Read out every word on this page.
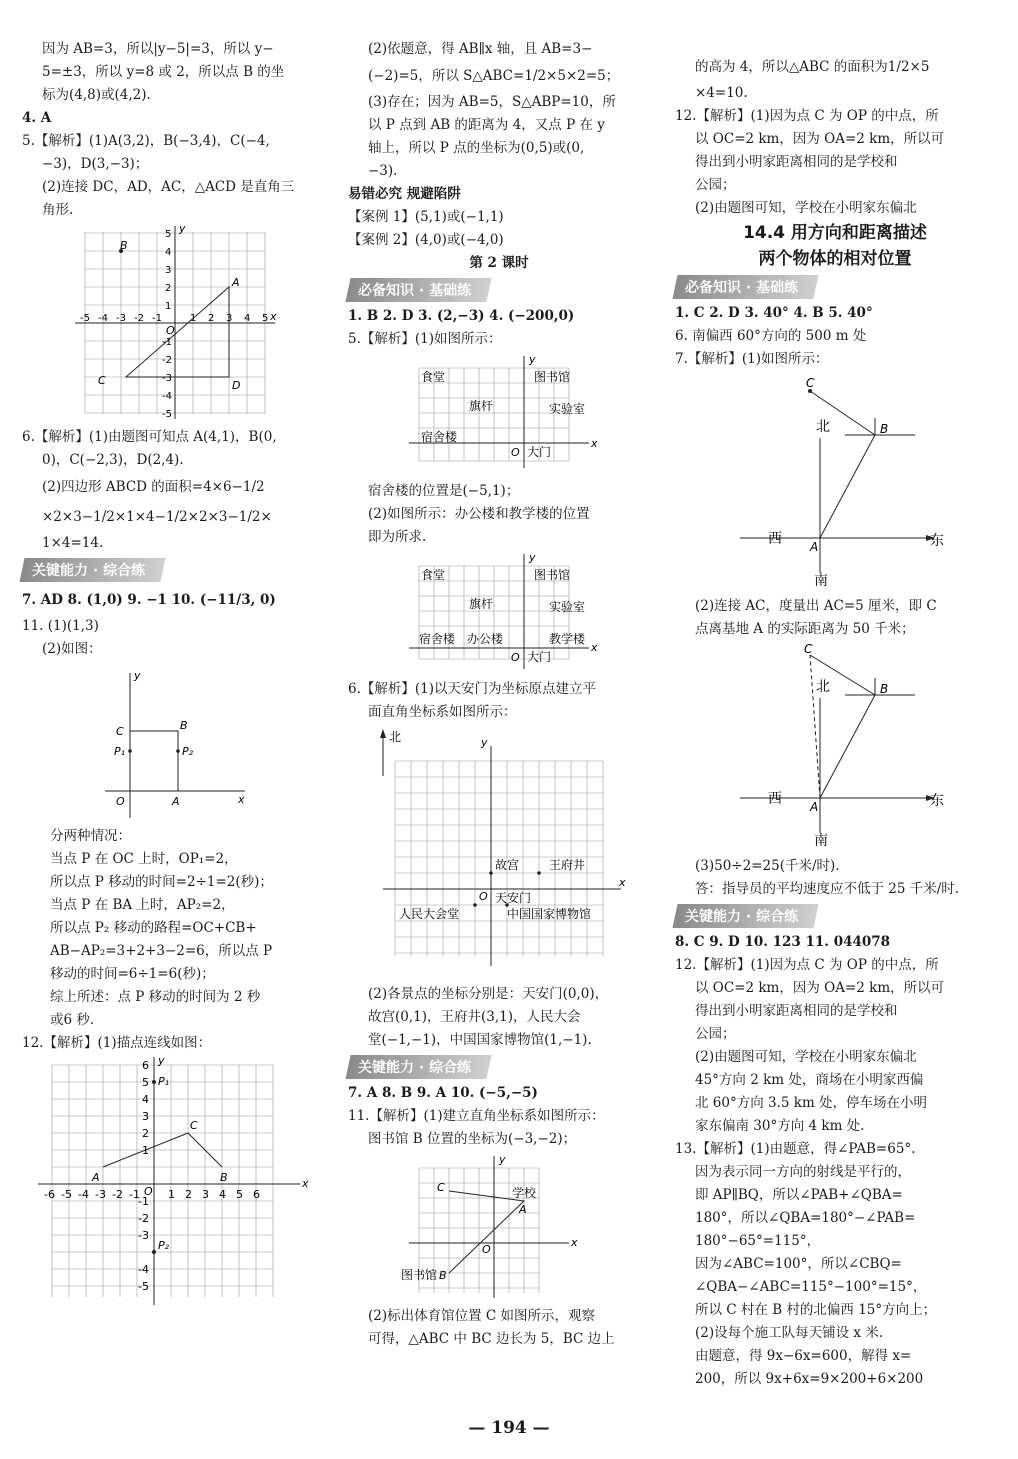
因为 AB=3，所以|y−5|=3，所以 y−
5=±3，所以 y=8 或 2，所以点 B 的坐
标为(4,8)或(4,2).
4. A
5.【解析】(1)A(3,2)，B(−3,4)，C(−4,
−3)，D(3,−3)；
(2)连接 DC，AD，AC，△ACD 是直角三
角形.
B
A
C	D
O
x
y
-5 -4 -3 -2 -1	1 2 3 4 5
5
4
3
2
1
-1
-2
-3
-4
-5
6.【解析】(1)由题图可知点 A(4,1)，B(0,
0)，C(−2,3)，D(2,4).
(2)四边形 ABCD 的面积=4×6−1/2
×2×3−1/2×1×4−1/2×2×3−1/2×
1×4=14.
关键能力 · 综合练
7. AD 8. (1,0) 9. −1 10. (−11/3, 0)
11. (1)(1,3)
(2)如图：
y
C	B
P₁	P₂
O	A	x
分两种情况：
当点 P 在 OC 上时，OP₁=2，
所以点 P 移动的时间=2÷1=2(秒)；
当点 P 在 BA 上时，AP₂=2，
所以点 P₂ 移动的路程=OC+CB+
AB−AP₂=3+2+3−2=6，所以点 P
移动的时间=6÷1=6(秒)；
综上所述：点 P 移动的时间为 2 秒
或6 秒.
12.【解析】(1)描点连线如图：
y
P₁
C
A	B
P₂
O
x
-6 -5 -4 -3 -2 -1	1 2 3 4 5 6
6
5
4
3
2
1
-1
-2
-3
-4
-5
(2)依题意，得 AB∥x 轴，且 AB=3−
(−2)=5，所以 S△ABC=1/2×5×2=5；
(3)存在；因为 AB=5，S△ABP=10，所
以 P 点到 AB 的距离为 4，又点 P 在 y
轴上，所以 P 点的坐标为(0,5)或(0,
−3).
易错必究 规避陷阱
【案例 1】(5,1)或(−1,1)
【案例 2】(4,0)或(−4,0)
第 2 课时
必备知识 · 基础练
1. B 2. D 3. (2,−3) 4. (−200,0)
5.【解析】(1)如图所示：
y
食堂	图书馆
旗杆	实验室
宿舍楼
O 大门
x
宿舍楼的位置是(−5,1)；
(2)如图所示：办公楼和教学楼的位置
即为所求.
y
食堂	图书馆
旗杆	实验室
宿舍楼 办公楼	教学楼
O 大门
x
6.【解析】(1)以天安门为坐标原点建立平
面直角坐标系如图所示：
北	y
故宫 王府井
O 天安门
x
人民大会堂	中国国家博物馆
(2)各景点的坐标分别是：天安门(0,0)，
故宫(0,1)，王府井(3,1)，人民大会
堂(−1,−1)，中国国家博物馆(1,−1).
关键能力 · 综合练
7. A 8. B 9. A 10. (−5,−5)
11.【解析】(1)建立直角坐标系如图所示：
图书馆 B 位置的坐标为(−3,−2)；
y
C	学校
A
O
x
图书馆 B
(2)标出体育馆位置 C 如图所示，观察
可得，△ABC 中 BC 边长为 5，BC 边上
的高为 4，所以△ABC 的面积为1/2×5
×4=10.
12.【解析】(1)因为点 C 为 OP 的中点，所
以 OC=2 km，因为 OA=2 km，所以可
得出到小明家距离相同的是学校和
公园；
(2)由题图可知，学校在小明家东偏北
14.4 用方向和距离描述
两个物体的相对位置
必备知识 · 基础练
1. C 2. D 3. 40° 4. B 5. 40°
6. 南偏西 60°方向的 500 m 处
7.【解析】(1)如图所示：
C
北	B
西 A	东
南
(2)连接 AC，度量出 AC=5 厘米，即 C
点离基地 A 的实际距离为 50 千米；
C
北	B
西 A	东
南
(3)50÷2=25(千米/时).
答：指导员的平均速度应不低于 25 千米/时.
关键能力 · 综合练
8. C 9. D 10. 123 11. 044078
12.【解析】(1)因为点 C 为 OP 的中点，所
以 OC=2 km，因为 OA=2 km，所以可
得出到小明家距离相同的是学校和
公园；
(2)由题图可知，学校在小明家东偏北
45°方向 2 km 处，商场在小明家西偏
北 60°方向 3.5 km 处，停车场在小明
家东偏南 30°方向 4 km 处.
13.【解析】(1)由题意，得∠PAB=65°.
因为表示同一方向的射线是平行的，
即 AP∥BQ，所以∠PAB+∠QBA=
180°，所以∠QBA=180°−∠PAB=
180°−65°=115°，
因为∠ABC=100°，所以∠CBQ=
∠QBA−∠ABC=115°−100°=15°，
所以 C 村在 B 村的北偏西 15°方向上；
(2)设每个施工队每天铺设 x 米.
由题意，得 9x−6x=600，解得 x=
200，所以 9x+6x=9×200+6×200
— 194 —
